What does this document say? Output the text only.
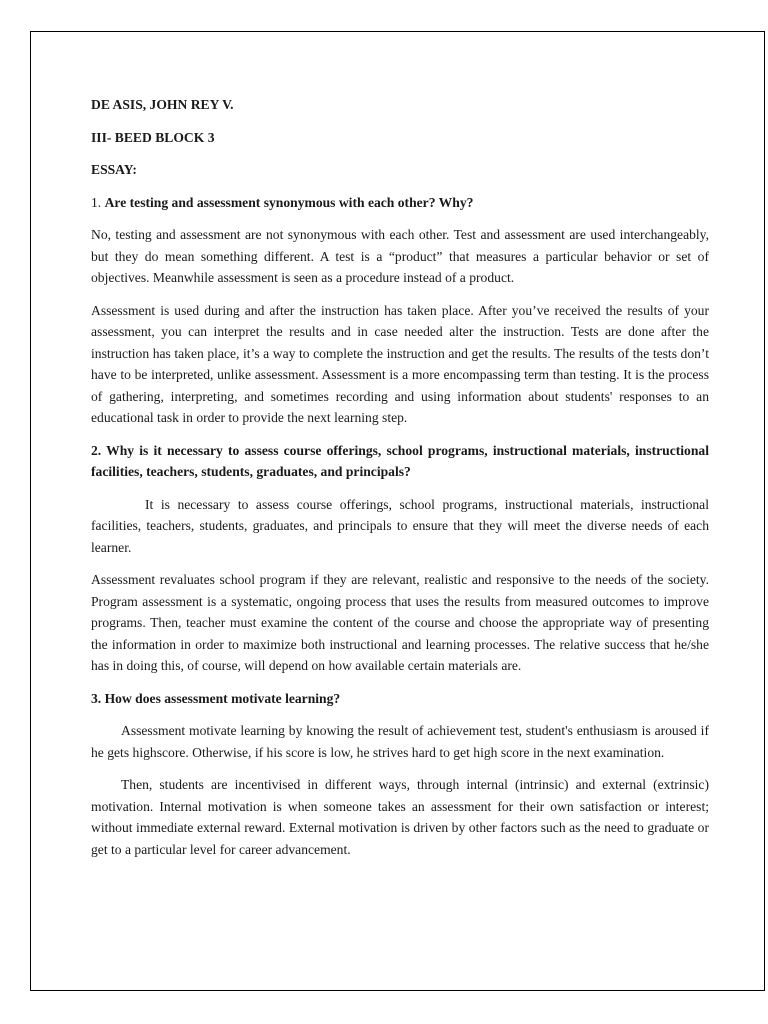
DE ASIS, JOHN REY V.

III- BEED BLOCK 3

ESSAY:

1. Are testing and assessment synonymous with each other? Why?

No, testing and assessment are not synonymous with each other. Test and assessment are used interchangeably, but they do mean something different. A test is a “product” that measures a particular behavior or set of objectives. Meanwhile assessment is seen as a procedure instead of a product.

Assessment is used during and after the instruction has taken place. After you’ve received the results of your assessment, you can interpret the results and in case needed alter the instruction. Tests are done after the instruction has taken place, it’s a way to complete the instruction and get the results. The results of the tests don’t have to be interpreted, unlike assessment. Assessment is a more encompassing term than testing. It is the process of gathering, interpreting, and sometimes recording and using information about students' responses to an educational task in order to provide the next learning step.

2. Why is it necessary to assess course offerings, school programs, instructional materials, instructional facilities, teachers, students, graduates, and principals?

It is necessary to assess course offerings, school programs, instructional materials, instructional facilities, teachers, students, graduates, and principals to ensure that they will meet the diverse needs of each learner.

Assessment revaluates school program if they are relevant, realistic and responsive to the needs of the society. Program assessment is a systematic, ongoing process that uses the results from measured outcomes to improve programs. Then, teacher must examine the content of the course and choose the appropriate way of presenting the information in order to maximize both instructional and learning processes. The relative success that he/she has in doing this, of course, will depend on how available certain materials are.

3. How does assessment motivate learning?

Assessment motivate learning by knowing the result of achievement test, student's enthusiasm is aroused if he gets highscore. Otherwise, if his score is low, he strives hard to get high score in the next examination.

Then, students are incentivised in different ways, through internal (intrinsic) and external (extrinsic) motivation. Internal motivation is when someone takes an assessment for their own satisfaction or interest; without immediate external reward. External motivation is driven by other factors such as the need to graduate or get to a particular level for career advancement.
